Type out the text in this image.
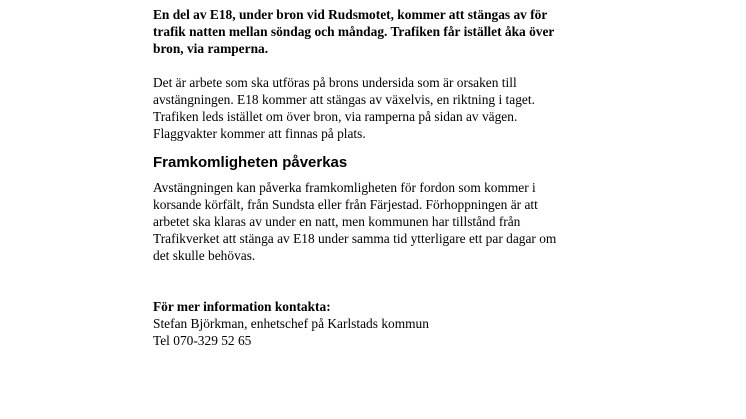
En del av E18, under bron vid Rudsmotet, kommer att stängas av för
trafik natten mellan söndag och måndag. Trafiken får istället åka över
bron, via ramperna.
Det är arbete som ska utföras på brons undersida som är orsaken till
avstängningen. E18 kommer att stängas av växelvis, en riktning i taget.
Trafiken leds istället om över bron, via ramperna på sidan av vägen.
Flaggvakter kommer att finnas på plats.
Framkomligheten påverkas
Avstängningen kan påverka framkomligheten för fordon som kommer i
korsande körfält, från Sundsta eller från Färjestad. Förhoppningen är att
arbetet ska klaras av under en natt, men kommunen har tillstånd från
Trafikverket att stänga av E18 under samma tid ytterligare ett par dagar om
det skulle behövas.
För mer information kontakta:
Stefan Björkman, enhetschef på Karlstads kommun
Tel 070-329 52 65
